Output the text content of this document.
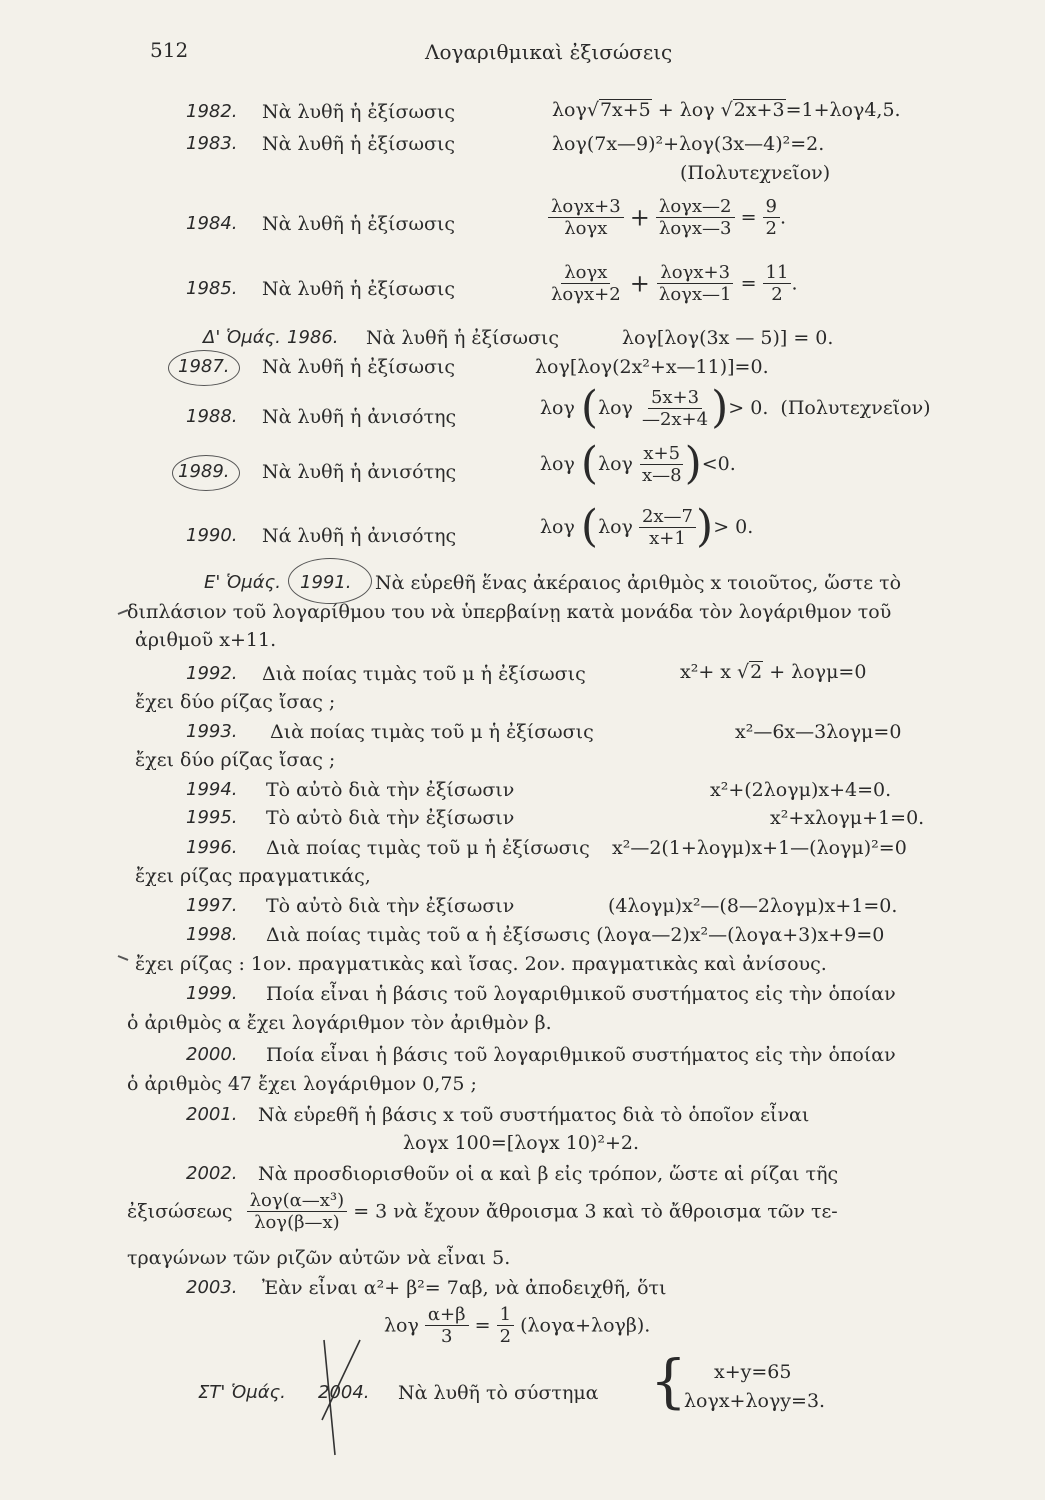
512	Λογαριθμικαὶ ἐξισώσεις
1982. Νὰ λυθῆ ἡ ἐξίσωσις	λογ√7x+5 + λογ √2x+3=1+λογ4,5.
1983. Νὰ λυθῆ ἡ ἐξίσωσις	λογ(7x—9)²+λογ(3x—4)²=2.
(Πολυτεχνεῖον)
1984. Νὰ λυθῆ ἡ ἐξίσωσις	$\frac{\text{λογx+3}}{\text{λογx}} + \frac{\text{λογx—2}}{\text{λογx—3}} = \frac{9}{2}$ .
1985. Νὰ λυθῆ ἡ ἐξίσωσις	$\frac{\text{λογx}}{\text{λογx+2}} + \frac{\text{λογx+3}}{\text{λογx—1}} = \frac{11}{2}$ .
Δ' Ὁμάς. 1986. Νὰ λυθῆ ἡ ἐξίσωσις	λογ[λογ(3x — 5)] = 0.
1987. Νὰ λυθῆ ἡ ἐξίσωσις	λογ[λογ(2x²+x—11)]=0.
1988. Νὰ λυθῆ ἡ ἀνισότης	λογ ($\lambda o\gamma \frac{5x+3}{—2x+4}$ )> 0. (Πολυτεχνεῖον)
1989. Νὰ λυθῆ ἡ ἀνισότης	λογ $(\lambda o\gamma \frac{x+5}{x—8} )<0$.
1990. Νά λυθῆ ἡ ἀνισότης	λογ ($\lambda o\gamma \frac{2x—7}{x+1}$ )> 0.
Ε' Ὁμάς. 1991. Νὰ εὑρεθῆ ἕνας ἀκέραιος ἀριθμὸς x τοιοῦτος, ὥστε τὸ
διπλάσιον τοῦ λογαρίθμου του νὰ ὑπερβαίνῃ κατὰ μονάδα τὸν λογάριθμον τοῦ
ἀριθμοῦ x+11.
1992. Διὰ ποίας τιμὰς τοῦ μ ἡ ἐξίσωσις	x²+ x √2 + λογμ=0
ἔχει δύο ρίζας ἴσας ;
1993. Διὰ ποίας τιμὰς τοῦ μ ἡ ἐξίσωσις	x²—6x—3λογμ=0
ἔχει δύο ρίζας ἴσας ;
1994. Τὸ αὐτὸ διὰ τὴν ἐξίσωσιν	x²+(2λογμ)x+4=0.
1995. Τὸ αὐτὸ διὰ τὴν ἐξίσωσιν	x²+xλογμ+1=0.
1996. Διὰ ποίας τιμὰς τοῦ μ ἡ ἐξίσωσις x²—2(1+λογμ)x+1—(λογμ)²=0
ἔχει ρίζας πραγματικάς,
1997. Τὸ αὐτὸ διὰ τὴν ἐξίσωσιν	(4λογμ)x²—(8—2λογμ)x+1=0.
1998. Διὰ ποίας τιμὰς τοῦ α ἡ ἐξίσωσις (λογα—2)x²—(λογα+3)x+9=0
ἔχει ρίζας : 1ον. πραγματικὰς καὶ ἴσας. 2ον. πραγματικὰς καὶ ἀνίσους.
1999. Ποία εἶναι ἡ βάσις τοῦ λογαριθμικοῦ συστήματος εἰς τὴν ὁποίαν
ὁ ἀριθμὸς α ἔχει λογάριθμον τὸν ἀριθμὸν β.
2000. Ποία εἶναι ἡ βάσις τοῦ λογαριθμικοῦ συστήματος εἰς τὴν ὁποίαν
ὁ ἀριθμὸς 47 ἔχει λογάριθμον 0,75 ;
2001. Νὰ εὑρεθῆ ἡ βάσις x τοῦ συστήματος διὰ τὸ ὁποῖον εἶναι
λογx 100=[λογx 10)²+2.
2002. Νὰ προσδιορισθοῦν οἱ α καὶ β εἰς τρόπον, ὥστε αἱ ρίζαι τῆς
ἐξισώσεως $\frac{\text{λογ(α—x³)}}{\text{λογ(β—x)}} = 3$ νὰ ἔχουν ἄθροισμα 3 καὶ τὸ ἄθροισμα τῶν τε-
τραγώνων τῶν ριζῶν αὐτῶν νὰ εἶναι 5.
2003. Ἐὰν εἶναι α²+ β²= 7αβ, νὰ ἀποδειχθῆ, ὅτι
λογ $\frac{\alpha+\beta}{3} = \frac{1}{2} (\lambda o\gamma\alpha+\lambda o\gamma\beta)$.
ΣΤ' Ὁμάς. 2004. Νὰ λυθῆ τὸ σύστημα { x+y=65
λογx+λογy=3.
